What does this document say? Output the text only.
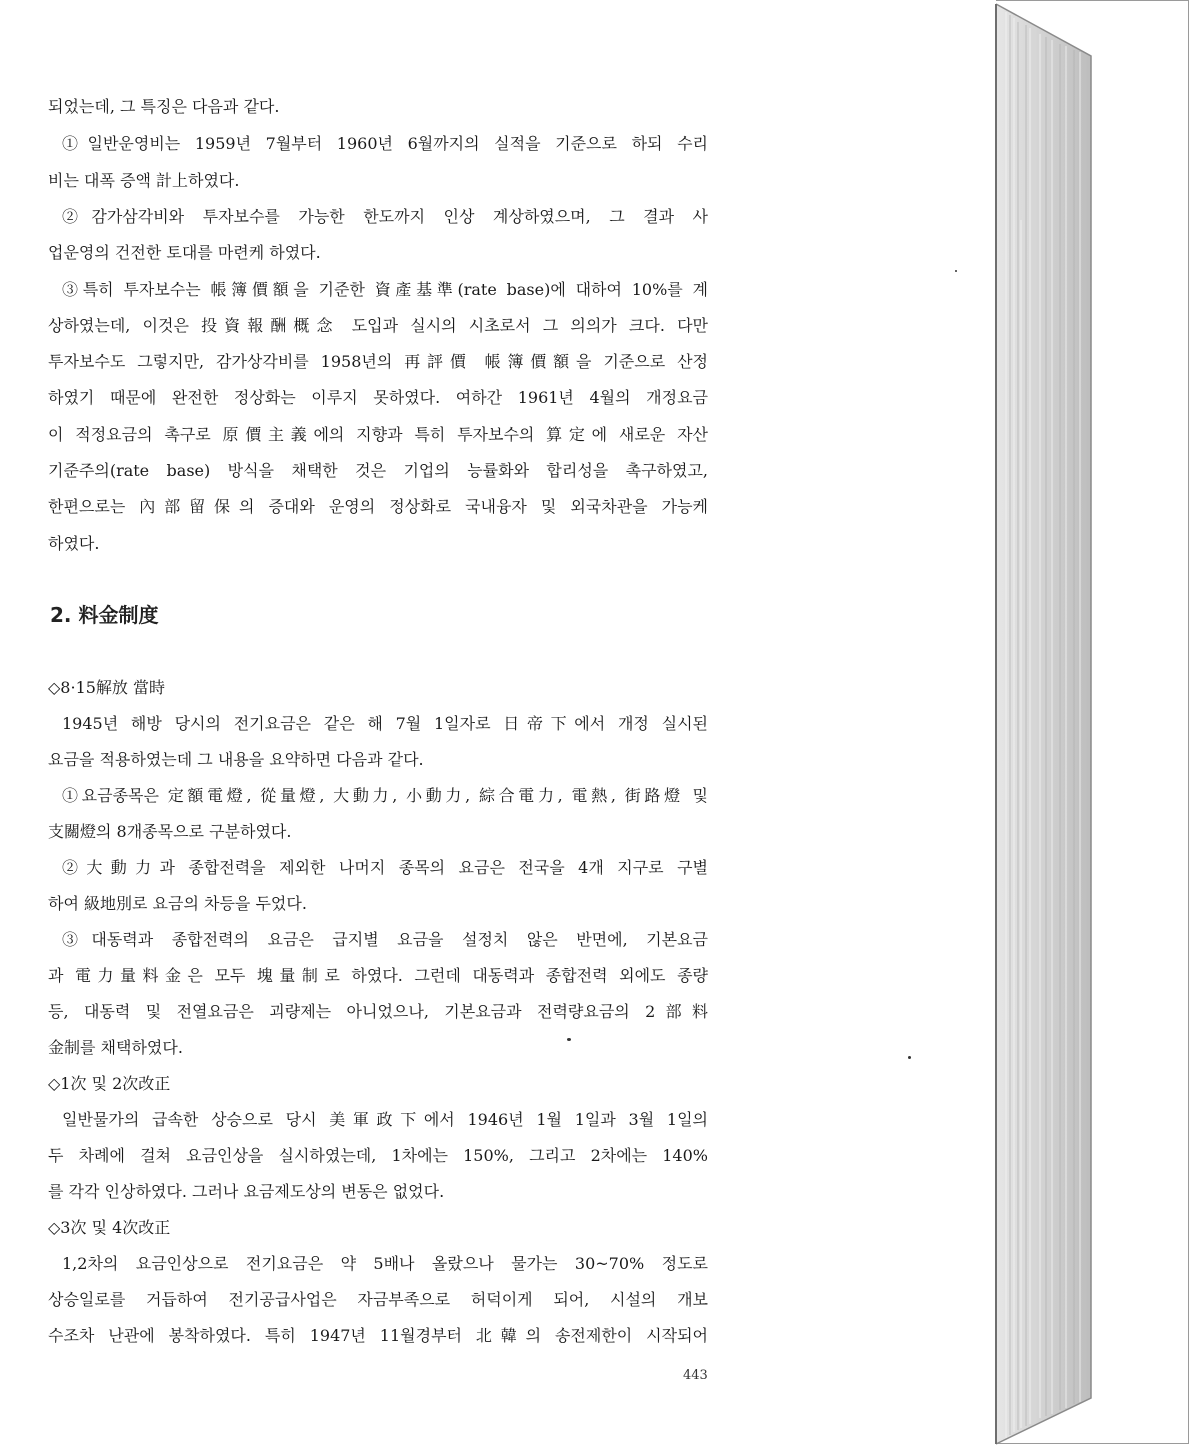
되었는데, 그 특징은 다음과 같다.
①일반운영비는 1959년 7월부터 1960년 6월까지의 실적을 기준으로 하되 수리
비는 대폭 증액 計上하였다.
②감가삼각비와 투자보수를 가능한 한도까지 인상 계상하였으며, 그 결과 사
업운영의 건전한 토대를 마련케 하였다.
③특히 투자보수는 帳簿價額을 기준한 資產基準(rate base)에 대하여 10%를 계
상하였는데, 이것은 投資報酬概念 도입과 실시의 시초로서 그 의의가 크다. 다만
투자보수도 그렇지만, 감가상각비를 1958년의 再評價 帳簿價額을 기준으로 산정
하였기 때문에 완전한 정상화는 이루지 못하였다. 여하간 1961년 4월의 개정요금
이 적정요금의 촉구로 原價主義에의 지향과 특히 투자보수의 算定에 새로운 자산
기준주의(rate base) 방식을 채택한 것은 기업의 능률화와 합리성을 촉구하였고,
한편으로는 內部留保의 증대와 운영의 정상화로 국내융자 및 외국차관을 가능케
하였다.
2. 料金制度
◇8·15解放 當時
1945년 해방 당시의 전기요금은 같은 해 7월 1일자로 日帝下에서 개정 실시된
요금을 적용하였는데 그 내용을 요약하면 다음과 같다.
①요금종목은 定額電燈, 從量燈, 大動力, 小動力, 綜合電力, 電熱, 街路燈 및
支關燈의 8개종목으로 구분하였다.
②大動力과 종합전력을 제외한 나머지 종목의 요금은 전국을 4개 지구로 구별
하여 級地別로 요금의 차등을 두었다.
③대동력과 종합전력의 요금은 급지별 요금을 설정치 않은 반면에, 기본요금
과 電力量料金은 모두 塊量制로 하였다. 그런데 대동력과 종합전력 외에도 종량
등, 대동력 및 전열요금은 괴량제는 아니었으나, 기본요금과 전력량요금의 2部料
金制를 채택하였다.
◇1次 및 2次改正
일반물가의 급속한 상승으로 당시 美軍政下에서 1946년 1월 1일과 3월 1일의
두 차례에 걸쳐 요금인상을 실시하였는데, 1차에는 150%, 그리고 2차에는 140%
를 각각 인상하였다. 그러나 요금제도상의 변동은 없었다.
◇3次 및 4次改正
1,2차의 요금인상으로 전기요금은 약 5배나 올랐으나 물가는 30~70% 정도로
상승일로를 거듭하여 전기공급사업은 자금부족으로 허덕이게 되어, 시설의 개보
수조차 난관에 봉착하였다. 특히 1947년 11월경부터 北韓의 송전제한이 시작되어
443
